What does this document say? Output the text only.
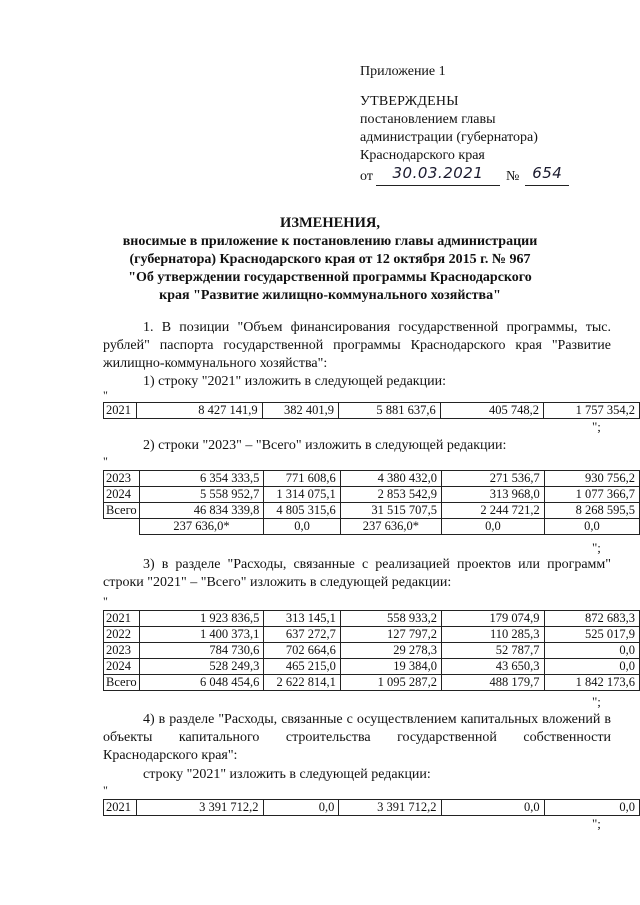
Приложение 1
УТВЕРЖДЕНЫ
постановлением главы
администрации (губернатора)
Краснодарского края
от	30.03.2021	№ 654
ИЗМЕНЕНИЯ,
вносимые в приложение к постановлению главы администрации
(губернатора) Краснодарского края от 12 октября 2015 г. № 967
"Об утверждении государственной программы Краснодарского
края "Развитие жилищно-коммунального хозяйства"
1. В позиции "Объем финансирования государственной программы, тыс. рублей" паспорта государственной программы Краснодарского края "Развитие жилищно-коммунального хозяйства":
1) строку "2021" изложить в следующей редакции:
"
2021	8 427 141,9	382 401,9	5 881 637,6	405 748,2	1 757 354,2
";
2) строки "2023" – "Всего" изложить в следующей редакции:
"
2023	6 354 333,5	771 608,6	4 380 432,0	271 536,7	930 756,2
2024	5 558 952,7	1 314 075,1	2 853 542,9	313 968,0	1 077 366,7
Всего	46 834 339,8	4 805 315,6	31 515 707,5	2 244 721,2	8 268 595,5
	237 636,0*	0,0	237 636,0*	0,0	0,0
";
3) в разделе "Расходы, связанные с реализацией проектов или программ" строки "2021" – "Всего" изложить в следующей редакции:
"
2021	1 923 836,5	313 145,1	558 933,2	179 074,9	872 683,3
2022	1 400 373,1	637 272,7	127 797,2	110 285,3	525 017,9
2023	784 730,6	702 664,6	29 278,3	52 787,7	0,0
2024	528 249,3	465 215,0	19 384,0	43 650,3	0,0
Всего	6 048 454,6	2 622 814,1	1 095 287,2	488 179,7	1 842 173,6
";
4) в разделе "Расходы, связанные с осуществлением капитальных вложений в объекты капитального строительства государственной собственности Краснодарского края":
строку "2021" изложить в следующей редакции:
"
2021	3 391 712,2	0,0	3 391 712,2	0,0	0,0
";
